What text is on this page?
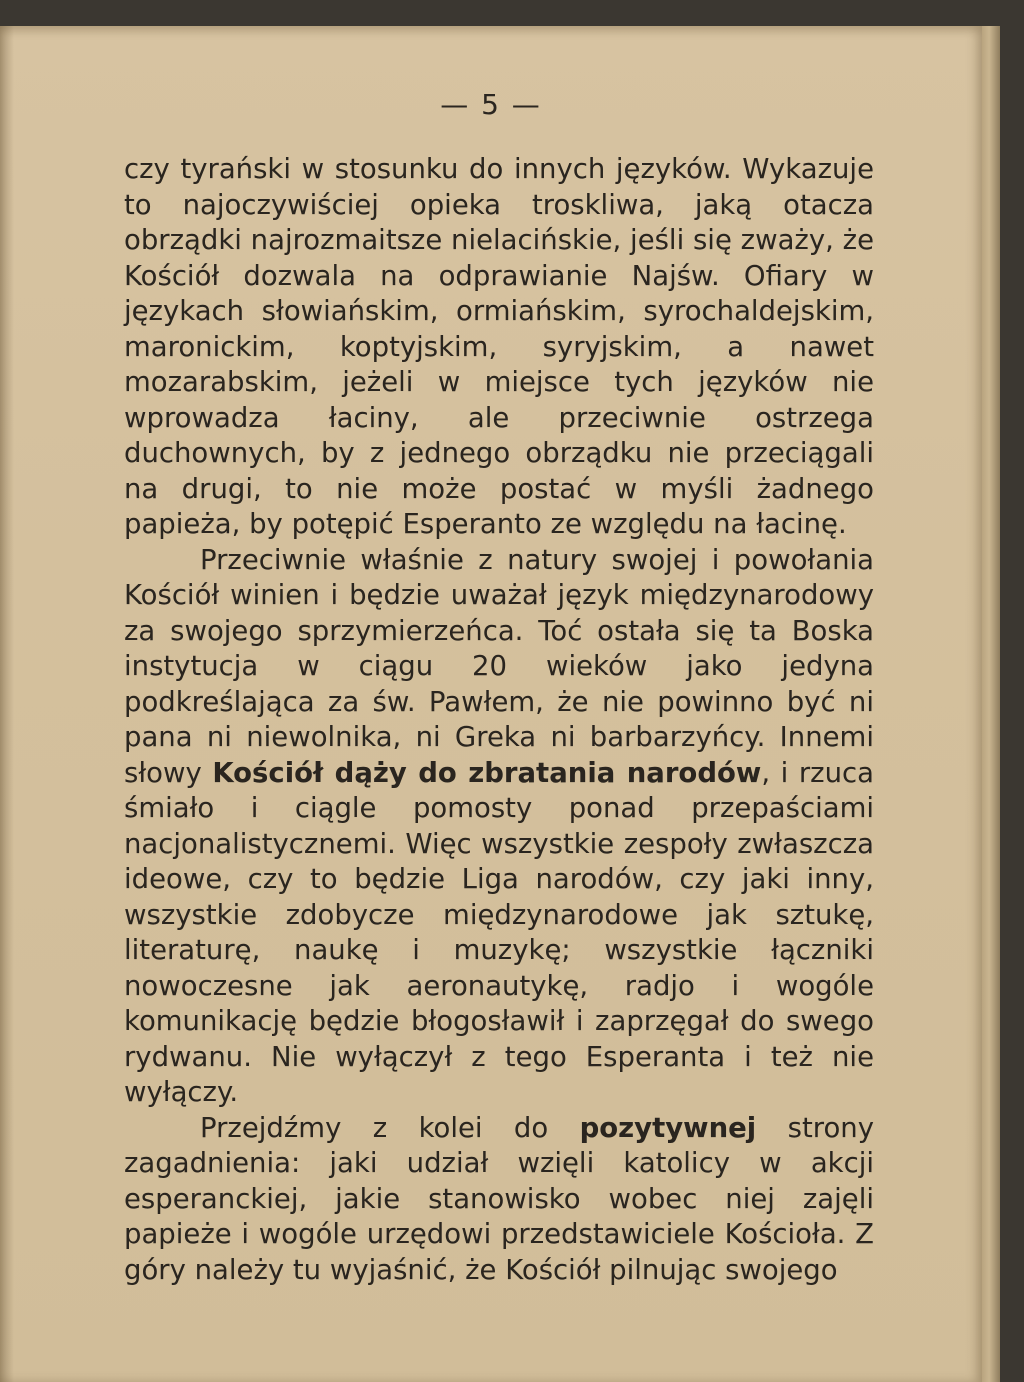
— 5 —

czy tyrański w stosunku do innych języków. Wykazuje to najoczywiściej opieka troskliwa, jaką otacza obrządki najrozmaitsze nielacińskie, jeśli się zważy, że Kościół dozwala na odprawianie Najśw. Ofiary w językach słowiańskim, ormiańskim, syrochaldejskim, maronickim, koptyjskim, syryjskim, a nawet mozarabskim, jeżeli w miejsce tych języków nie wprowadza łaciny, ale przeciwnie ostrzega duchownych, by z jednego obrządku nie przeciągali na drugi, to nie może postać w myśli żadnego papieża, by potępić Esperanto ze względu na łacinę.

Przeciwnie właśnie z natury swojej i powołania Kościół winien i będzie uważał język międzynarodowy za swojego sprzymierzeńca. Toć ostała się ta Boska instytucja w ciągu 20 wieków jako jedyna podkreślająca za św. Pawłem, że nie powinno być ni pana ni niewolnika, ni Greka ni barbarzyńcy. Innemi słowy Kościół dąży do zbratania narodów, i rzuca śmiało i ciągle pomosty ponad przepaściami nacjonalistycznemi. Więc wszystkie zespoły zwłaszcza ideowe, czy to będzie Liga narodów, czy jaki inny, wszystkie zdobycze międzynarodowe jak sztukę, literaturę, naukę i muzykę; wszystkie łączniki nowoczesne jak aeronautykę, radjo i wogóle komunikację będzie błogosławił i zaprzęgał do swego rydwanu. Nie wyłączył z tego Esperanta i też nie wyłączy.

Przejdźmy z kolei do pozytywnej strony zagadnienia: jaki udział wzięli katolicy w akcji esperanckiej, jakie stanowisko wobec niej zajęli papieże i wogóle urzędowi przedstawiciele Kościoła. Z góry należy tu wyjaśnić, że Kościół pilnując swojego
